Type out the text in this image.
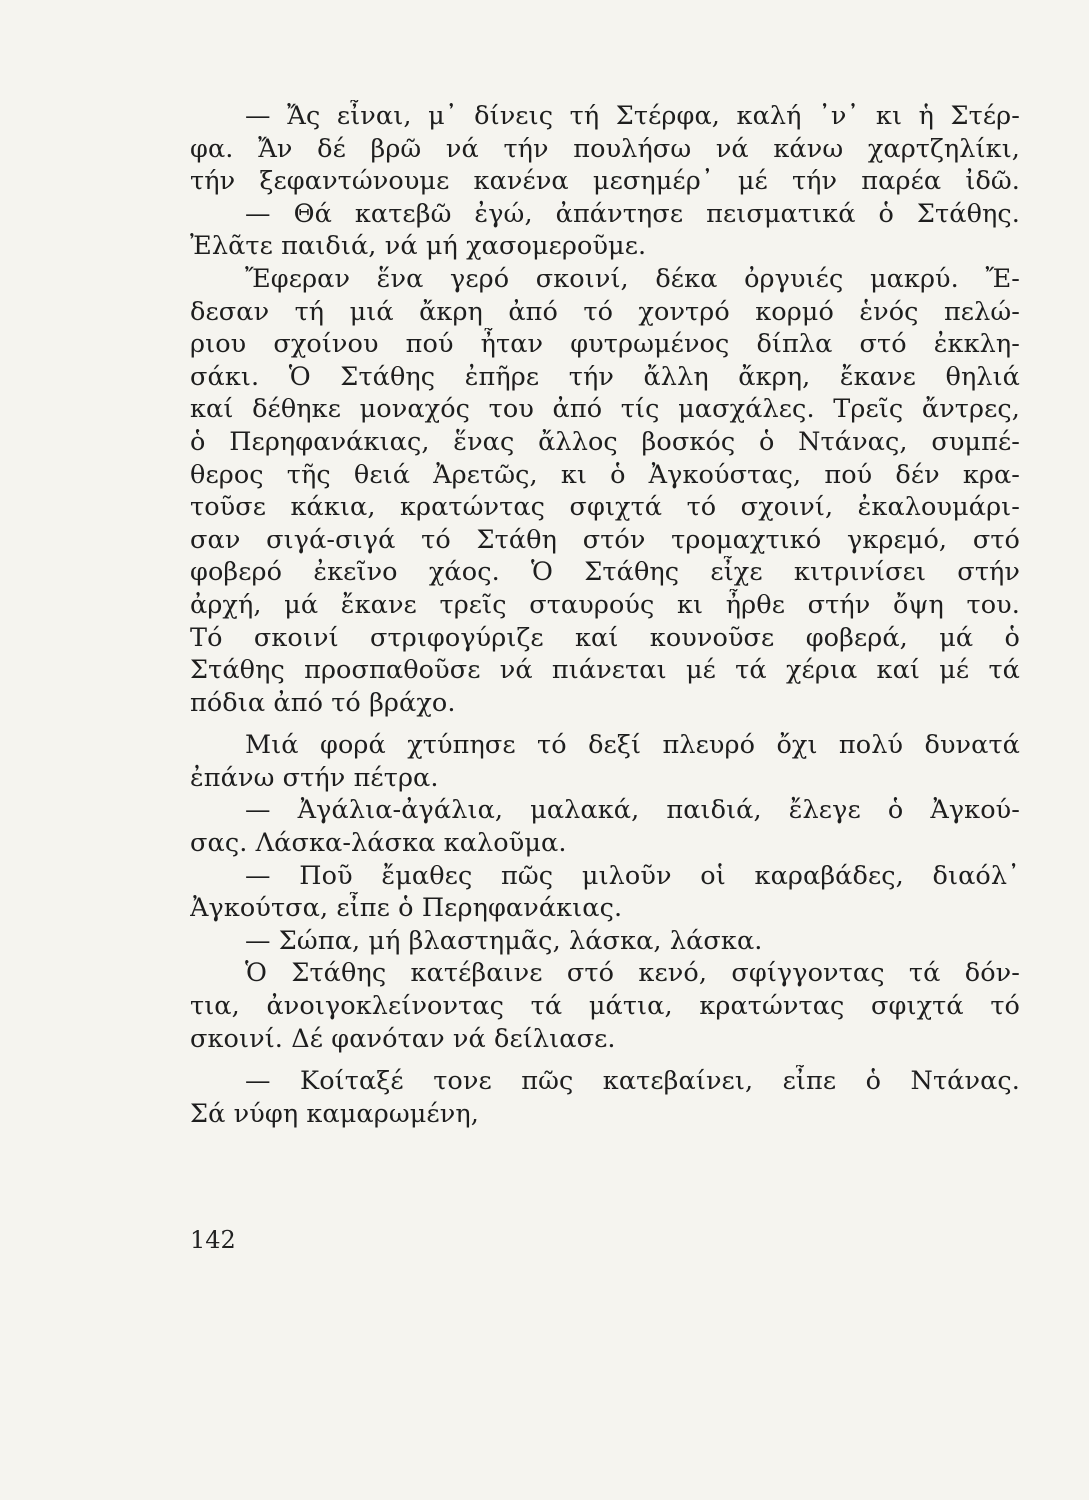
— Ἄς εἶναι, μ᾽ δίνεις τή Στέρφα, καλή ᾽ν᾽ κι ἡ Στέρ-
φα. Ἄν δέ βρῶ νά τήν πουλήσω νά κάνω χαρτζηλίκι,
τήν ξεφαντώνουμε κανένα μεσημέρ᾽ μέ τήν παρέα ἰδῶ.
— Θά κατεβῶ ἐγώ, ἀπάντησε πεισματικά ὁ Στάθης.
Ἐλᾶτε παιδιά, νά μή χασομεροῦμε.
Ἔφεραν ἕνα γερό σκοινί, δέκα ὀργυιές μακρύ. Ἔ-
δεσαν τή μιά ἄκρη ἀπό τό χοντρό κορμό ἑνός πελώ-
ριου σχοίνου πού ἦταν φυτρωμένος δίπλα στό ἐκκλη-
σάκι. Ὁ Στάθης ἐπῆρε τήν ἄλλη ἄκρη, ἔκανε θηλιά
καί δέθηκε μοναχός του ἀπό τίς μασχάλες. Τρεῖς ἄντρες,
ὁ Περηφανάκιας, ἕνας ἄλλος βοσκός ὁ Ντάνας, συμπέ-
θερος τῆς θειά Ἀρετῶς, κι ὁ Ἀγκούστας, πού δέν κρα-
τοῦσε κάκια, κρατώντας σφιχτά τό σχοινί, ἐκαλουμάρι-
σαν σιγά-σιγά τό Στάθη στόν τρομαχτικό γκρεμό, στό
φοβερό ἐκεῖνο χάος. Ὁ Στάθης εἶχε κιτρινίσει στήν
ἀρχή, μά ἔκανε τρεῖς σταυρούς κι ἦρθε στήν ὄψη του.
Τό σκοινί στριφογύριζε καί κουνοῦσε φοβερά, μά ὁ
Στάθης προσπαθοῦσε νά πιάνεται μέ τά χέρια καί μέ τά
πόδια ἀπό τό βράχο.
Μιά φορά χτύπησε τό δεξί πλευρό ὄχι πολύ δυνατά
ἐπάνω στήν πέτρα.
— Ἀγάλια-ἀγάλια, μαλακά, παιδιά, ἔλεγε ὁ Ἀγκού-
σας. Λάσκα-λάσκα καλοῦμα.
— Ποῦ ἔμαθες πῶς μιλοῦν οἱ καραβάδες, διαόλ᾽
Ἀγκούτσα, εἶπε ὁ Περηφανάκιας.
— Σώπα, μή βλαστημᾶς, λάσκα, λάσκα.
Ὁ Στάθης κατέβαινε στό κενό, σφίγγοντας τά δόν-
τια, ἀνοιγοκλείνοντας τά μάτια, κρατώντας σφιχτά τό
σκοινί. Δέ φανόταν νά δείλιασε.
— Κοίταξέ τονε πῶς κατεβαίνει, εἶπε ὁ Ντάνας.
Σά νύφη καμαρωμένη,
142
